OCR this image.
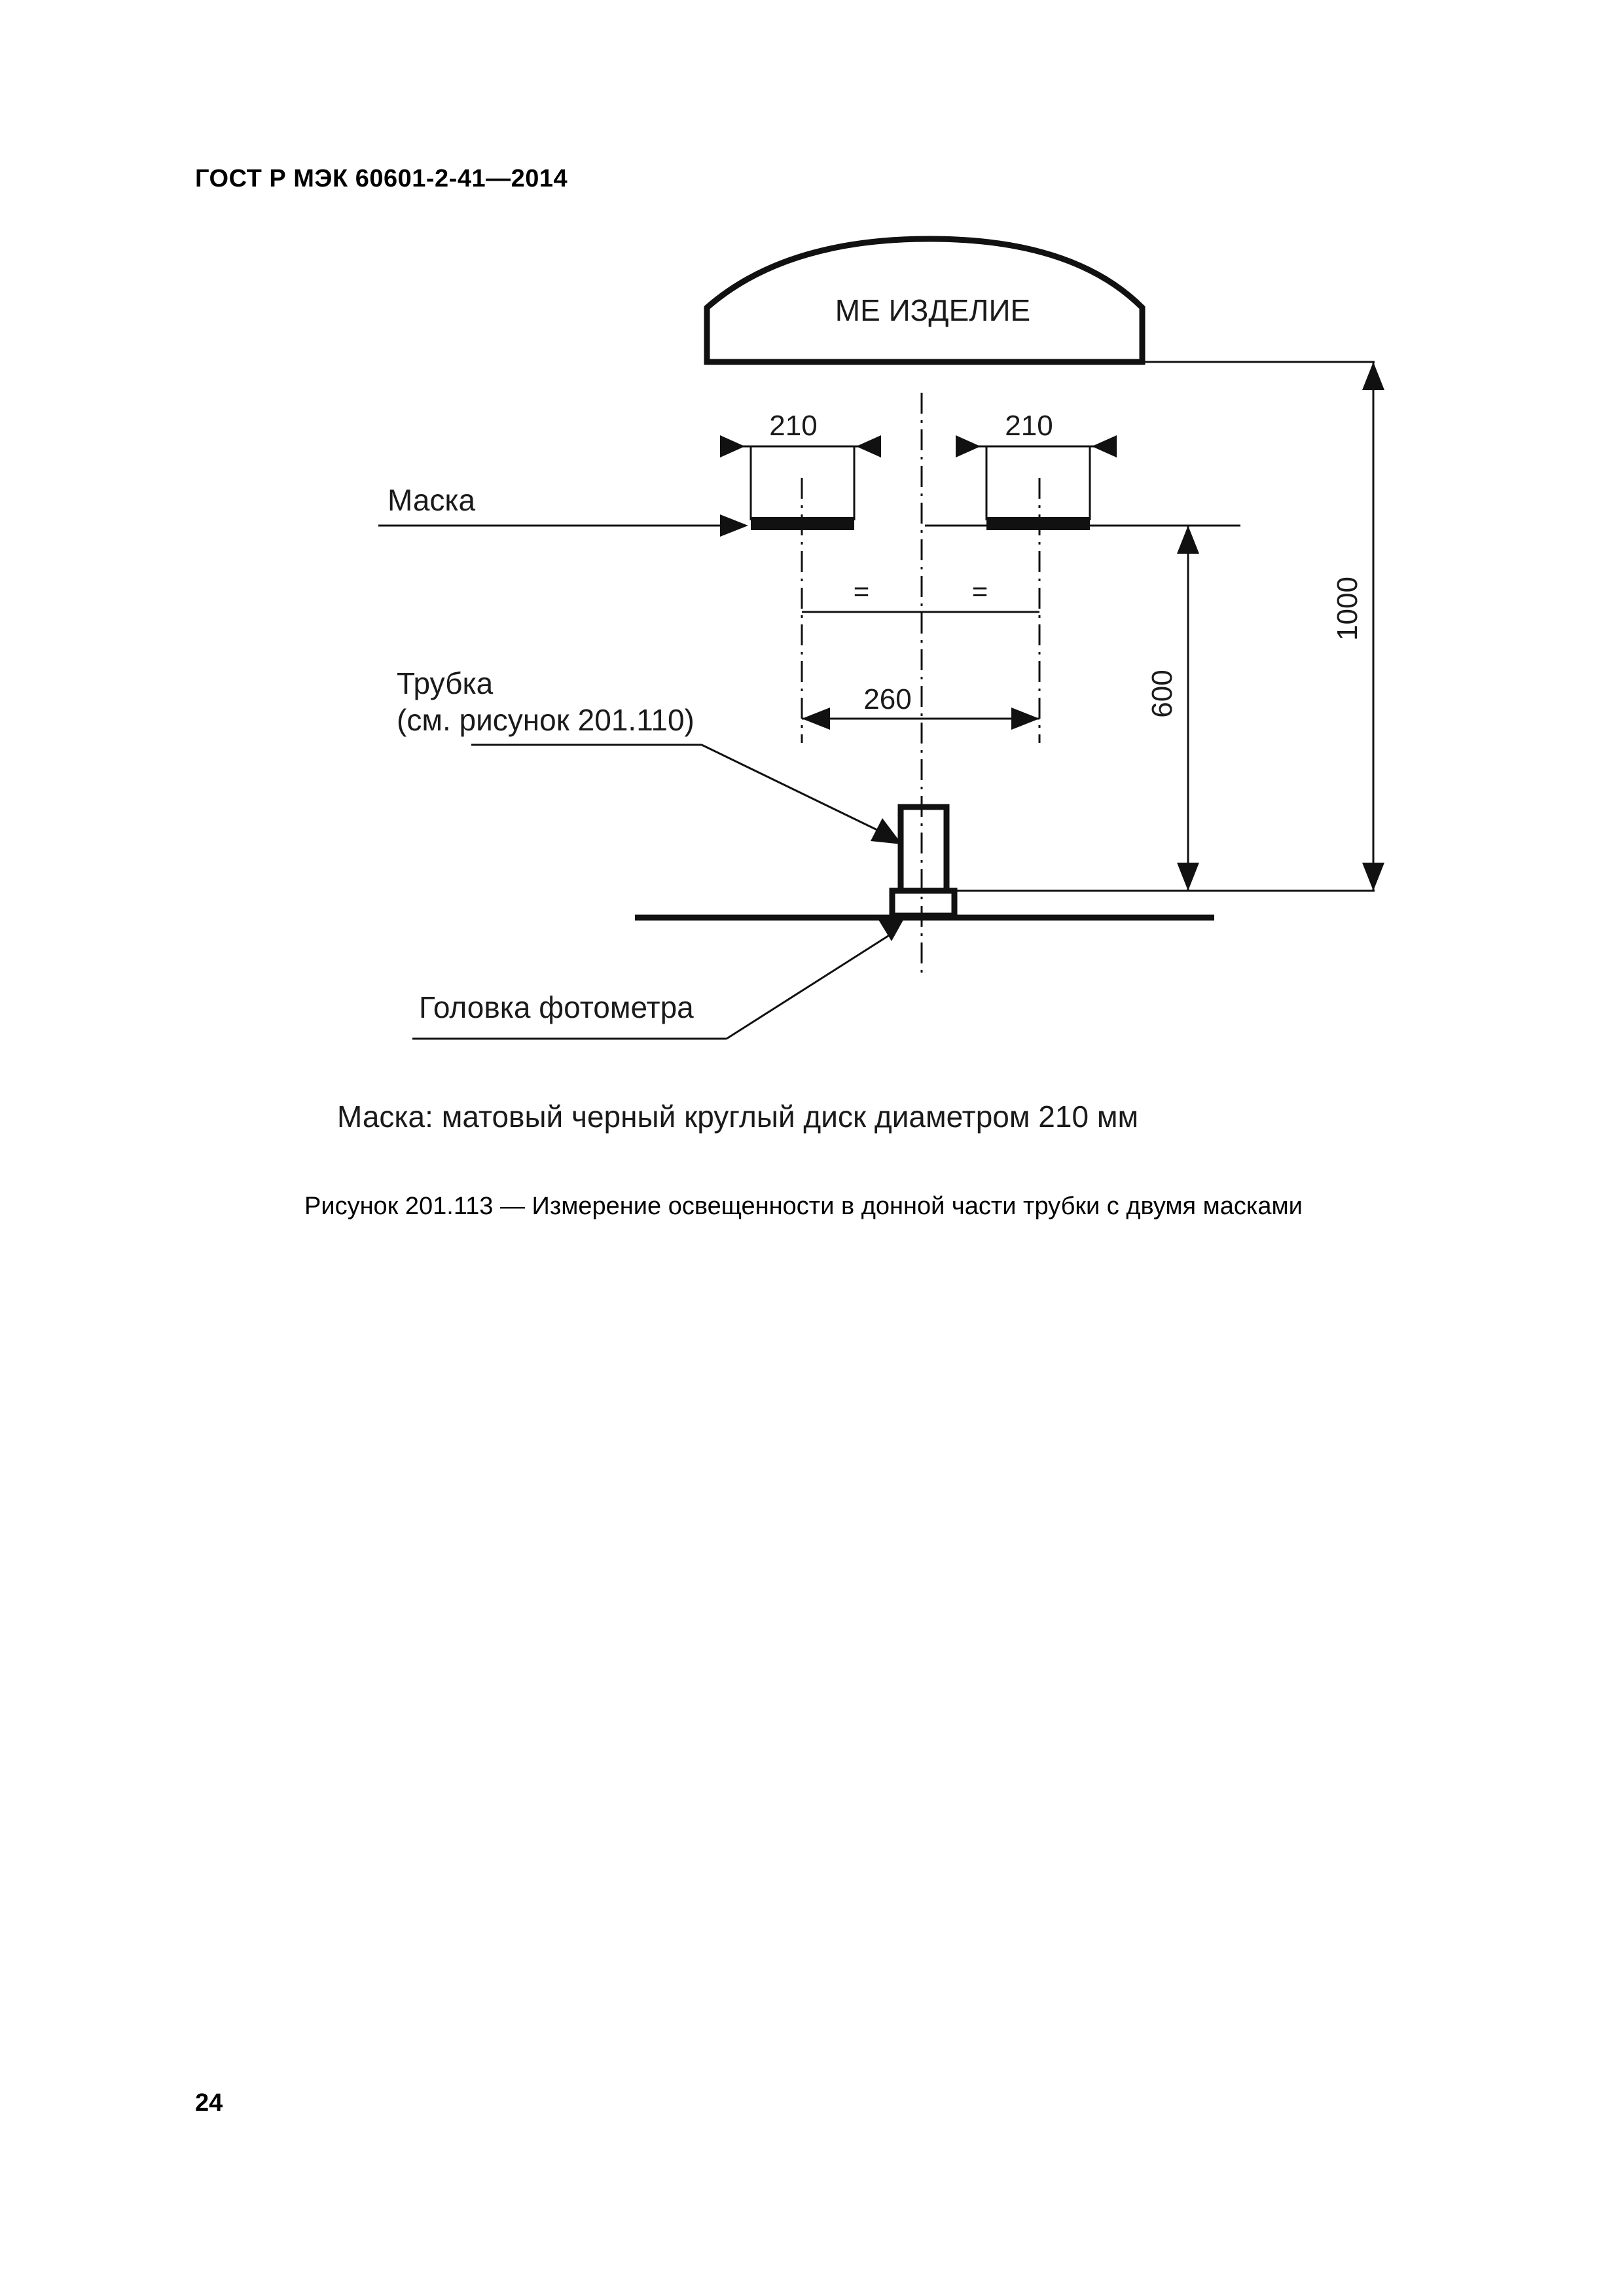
ГОСТ Р МЭК 60601-2-41—2014
МЕ ИЗДЕЛИЕ
210	210
Маска
=	=
260
Трубка
(см. рисунок 201.110)
600
1000
Головка фотометра
Маска: матовый черный круглый диск диаметром 210 мм
Рисунок 201.113 — Измерение освещенности в донной части трубки с двумя масками
24
